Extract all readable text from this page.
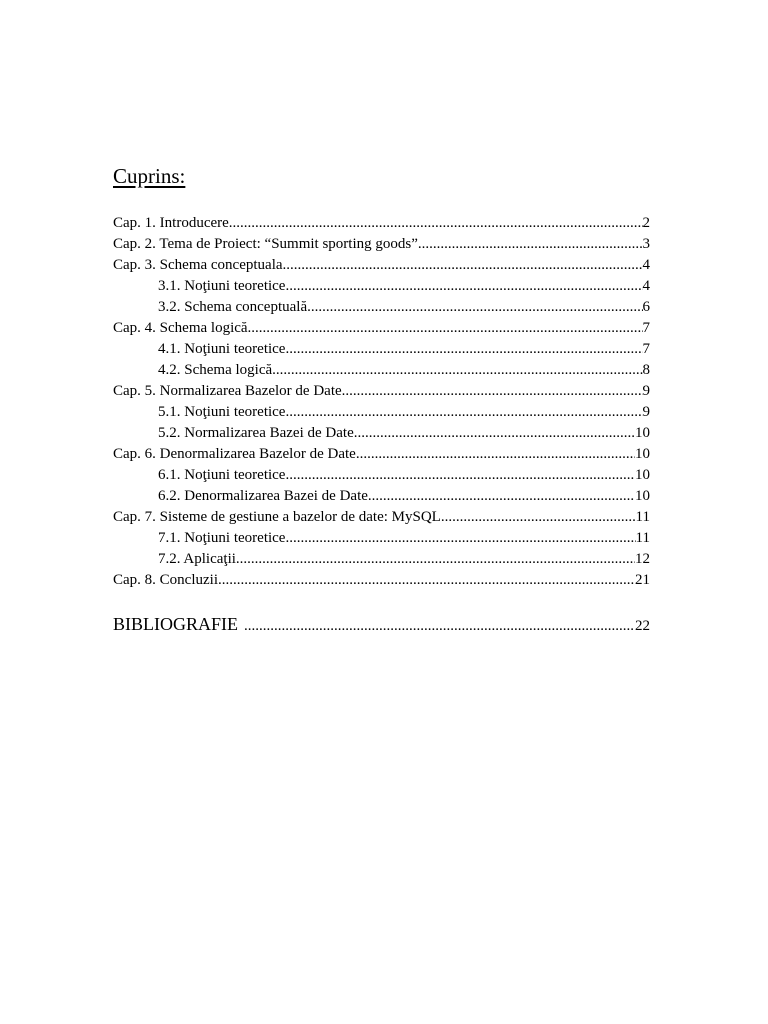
Cuprins:
Cap. 1. Introducere .....	2
Cap. 2. Tema de Proiect: “Summit sporting goods” .....	3
Cap. 3. Schema conceptuala .....	4
3.1. Noţiuni teoretice .....	4
3.2. Schema conceptuală .....	6
Cap. 4. Schema logică .....	7
4.1. Noţiuni teoretice .....	7
4.2. Schema logică .....	8
Cap. 5. Normalizarea Bazelor de Date .....	9
5.1. Noţiuni teoretice .....	9
5.2. Normalizarea Bazei de Date .....	10
Cap. 6. Denormalizarea Bazelor de Date .....	10
6.1. Noţiuni teoretice .....	10
6.2. Denormalizarea Bazei de Date .....	10
Cap. 7. Sisteme de gestiune a bazelor de date: MySQL .....	11
7.1. Noţiuni teoretice .....	11
7.2. Aplicaţii .....	12
Cap. 8. Concluzii .....	21
BIBLIOGRAFIE .....	22
